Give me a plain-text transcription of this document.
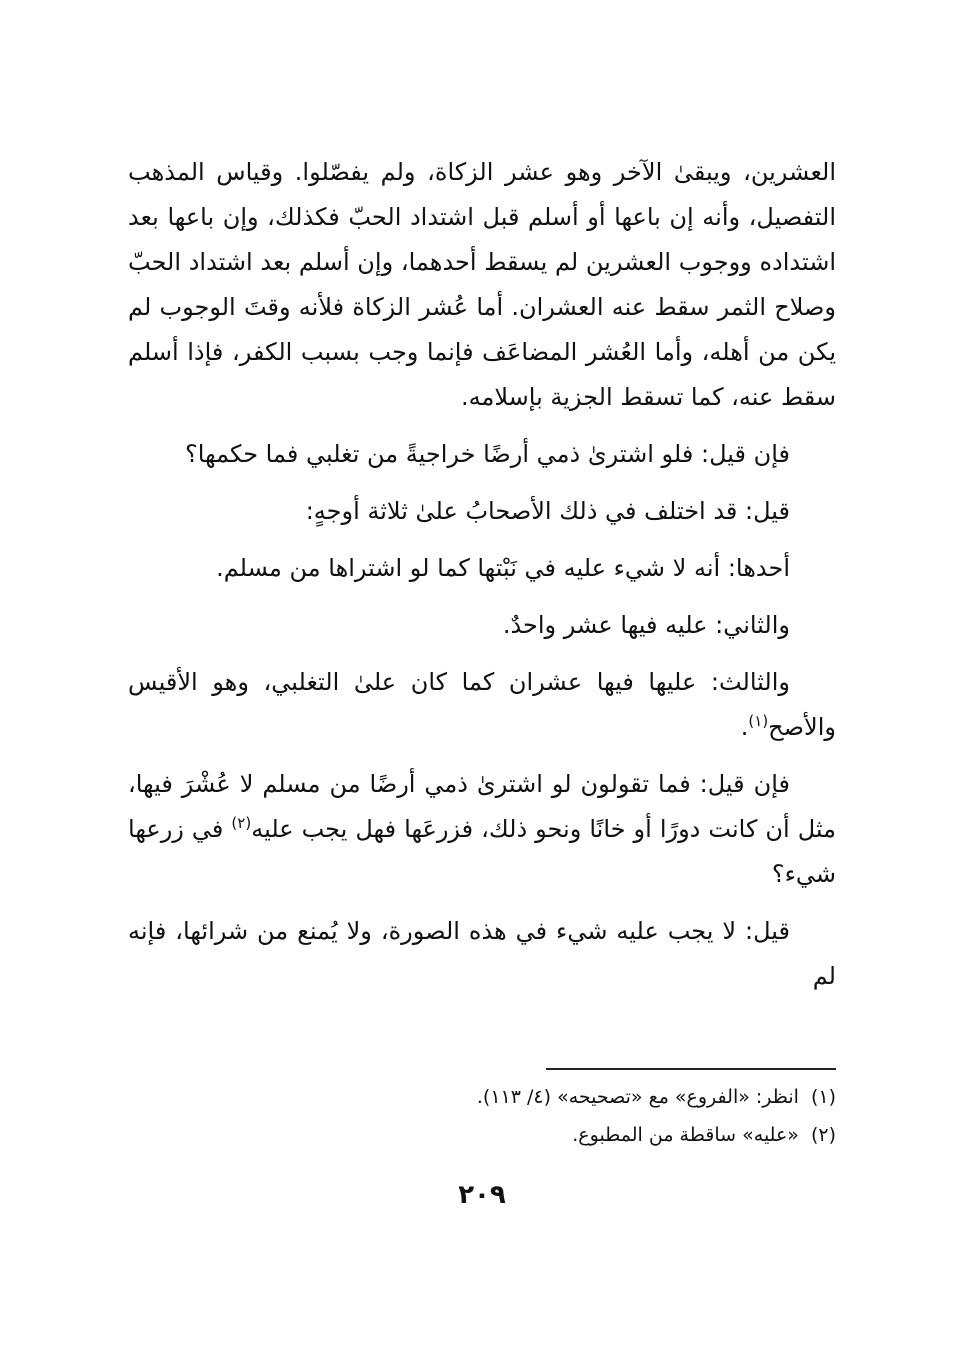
العشرين، ويبقىٰ الآخر وهو عشر الزكاة، ولم يفصّلوا. وقياس المذهب التفصيل، وأنه إن باعها أو أسلم قبل اشتداد الحبّ فكذلك، وإن باعها بعد اشتداده ووجوب العشرين لم يسقط أحدهما، وإن أسلم بعد اشتداد الحبّ وصلاح الثمر سقط عنه العشران. أما عُشر الزكاة فلأنه وقتَ الوجوب لم يكن من أهله، وأما العُشر المضاعَف فإنما وجب بسبب الكفر، فإذا أسلم سقط عنه، كما تسقط الجزية بإسلامه.

فإن قيل: فلو اشترىٰ ذمي أرضًا خراجيةً من تغلبي فما حكمها؟

قيل: قد اختلف في ذلك الأصحابُ علىٰ ثلاثة أوجهٍ:

أحدها: أنه لا شيء عليه في نَبْتها كما لو اشتراها من مسلم.

والثاني: عليه فيها عشر واحدٌ.

والثالث: عليها فيها عشران كما كان علىٰ التغلبي، وهو الأقيس والأصح$^{(١)}$.

فإن قيل: فما تقولون لو اشترىٰ ذمي أرضًا من مسلم لا عُشْرَ فيها، مثل أن كانت دورًا أو خانًا ونحو ذلك، فزرعَها فهل يجب عليه$^{(٢)}$ في زرعها شيء؟

قيل: لا يجب عليه شيء في هذه الصورة، ولا يُمنع من شرائها، فإنه لم

(١)انظر: «الفروع» مع «تصحيحه» (٤/ ١١٣).

(٢)«عليه» ساقطة من المطبوع.

٢٠٩
